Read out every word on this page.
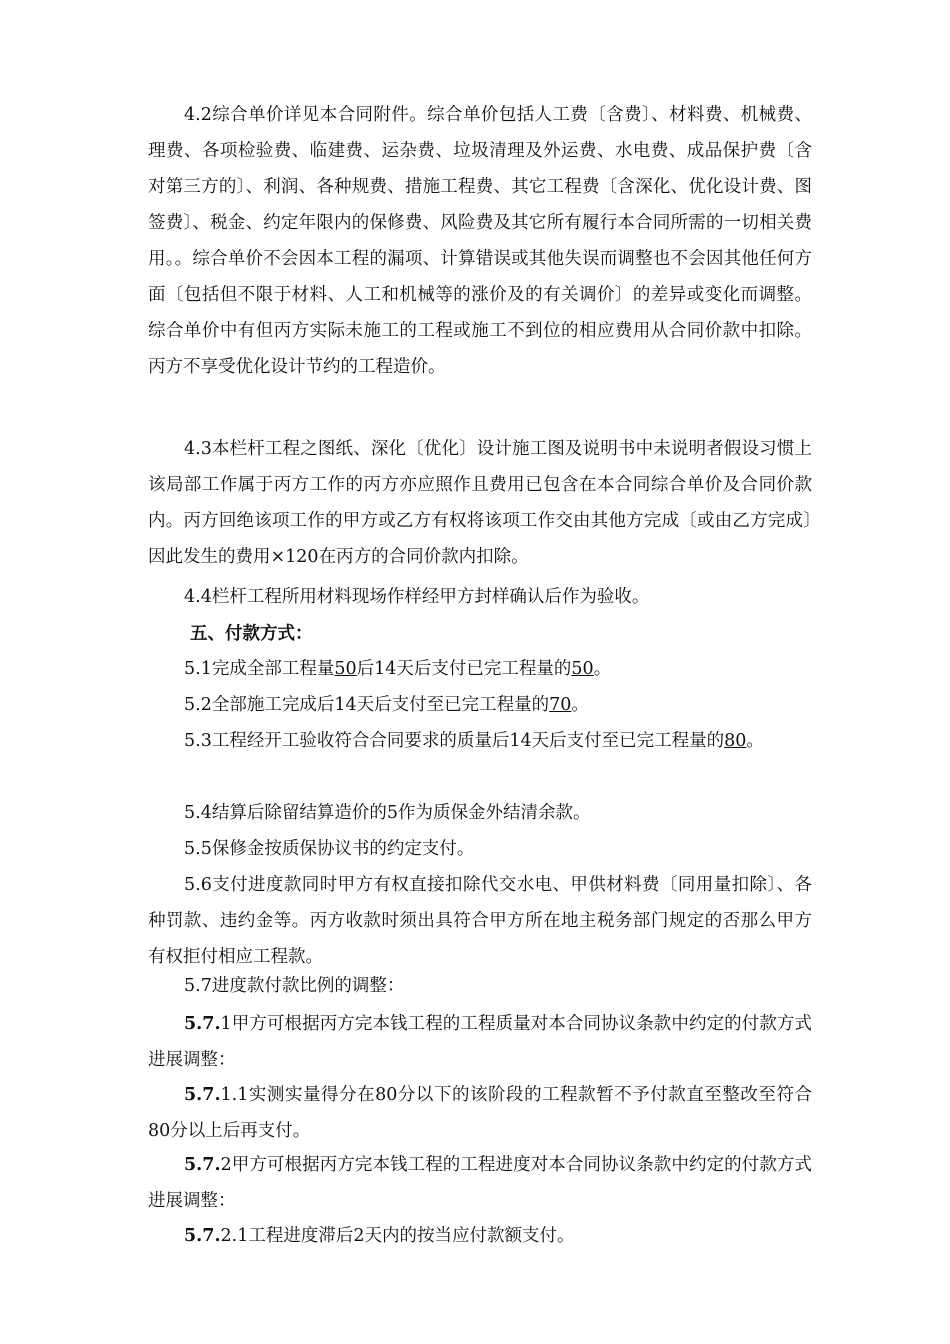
4.2综合单价详见本合同附件。综合单价包括人工费〔含费〕、材料费、机械费、理费、各项检验费、临建费、运杂费、垃圾清理及外运费、水电费、成品保护费〔含对第三方的〕、利润、各种规费、措施工程费、其它工程费〔含深化、优化设计费、图签费〕、税金、约定年限内的保修费、风险费及其它所有履行本合同所需的一切相关费用。。综合单价不会因本工程的漏项、计算错误或其他失误而调整也不会因其他任何方面〔包括但不限于材料、人工和机械等的涨价及的有关调价〕的差异或变化而调整。综合单价中有但丙方实际未施工的工程或施工不到位的相应费用从合同价款中扣除。丙方不享受优化设计节约的工程造价。

4.3本栏杆工程之图纸、深化〔优化〕设计施工图及说明书中未说明者假设习惯上该局部工作属于丙方工作的丙方亦应照作且费用已包含在本合同综合单价及合同价款内。丙方回绝该项工作的甲方或乙方有权将该项工作交由其他方完成〔或由乙方完成〕因此发生的费用×120在丙方的合同价款内扣除。

4.4栏杆工程所用材料现场作样经甲方封样确认后作为验收。

五、付款方式：

5.1完成全部工程量50后14天后支付已完工程量的50。

5.2全部施工完成后14天后支付至已完工程量的70。

5.3工程经开工验收符合合同要求的质量后14天后支付至已完工程量的80。

5.4结算后除留结算造价的5作为质保金外结清余款。

5.5保修金按质保协议书的约定支付。

5.6支付进度款同时甲方有权直接扣除代交水电、甲供材料费〔同用量扣除〕、各种罚款、违约金等。丙方收款时须出具符合甲方所在地主税务部门规定的否那么甲方有权拒付相应工程款。

5.7进度款付款比例的调整：

5.7.1甲方可根据丙方完本钱工程的工程质量对本合同协议条款中约定的付款方式进展调整：

5.7.1.1实测实量得分在80分以下的该阶段的工程款暂不予付款直至整改至符合80分以上后再支付。

5.7.2甲方可根据丙方完本钱工程的工程进度对本合同协议条款中约定的付款方式进展调整：

5.7.2.1工程进度滞后2天内的按当应付款额支付。
